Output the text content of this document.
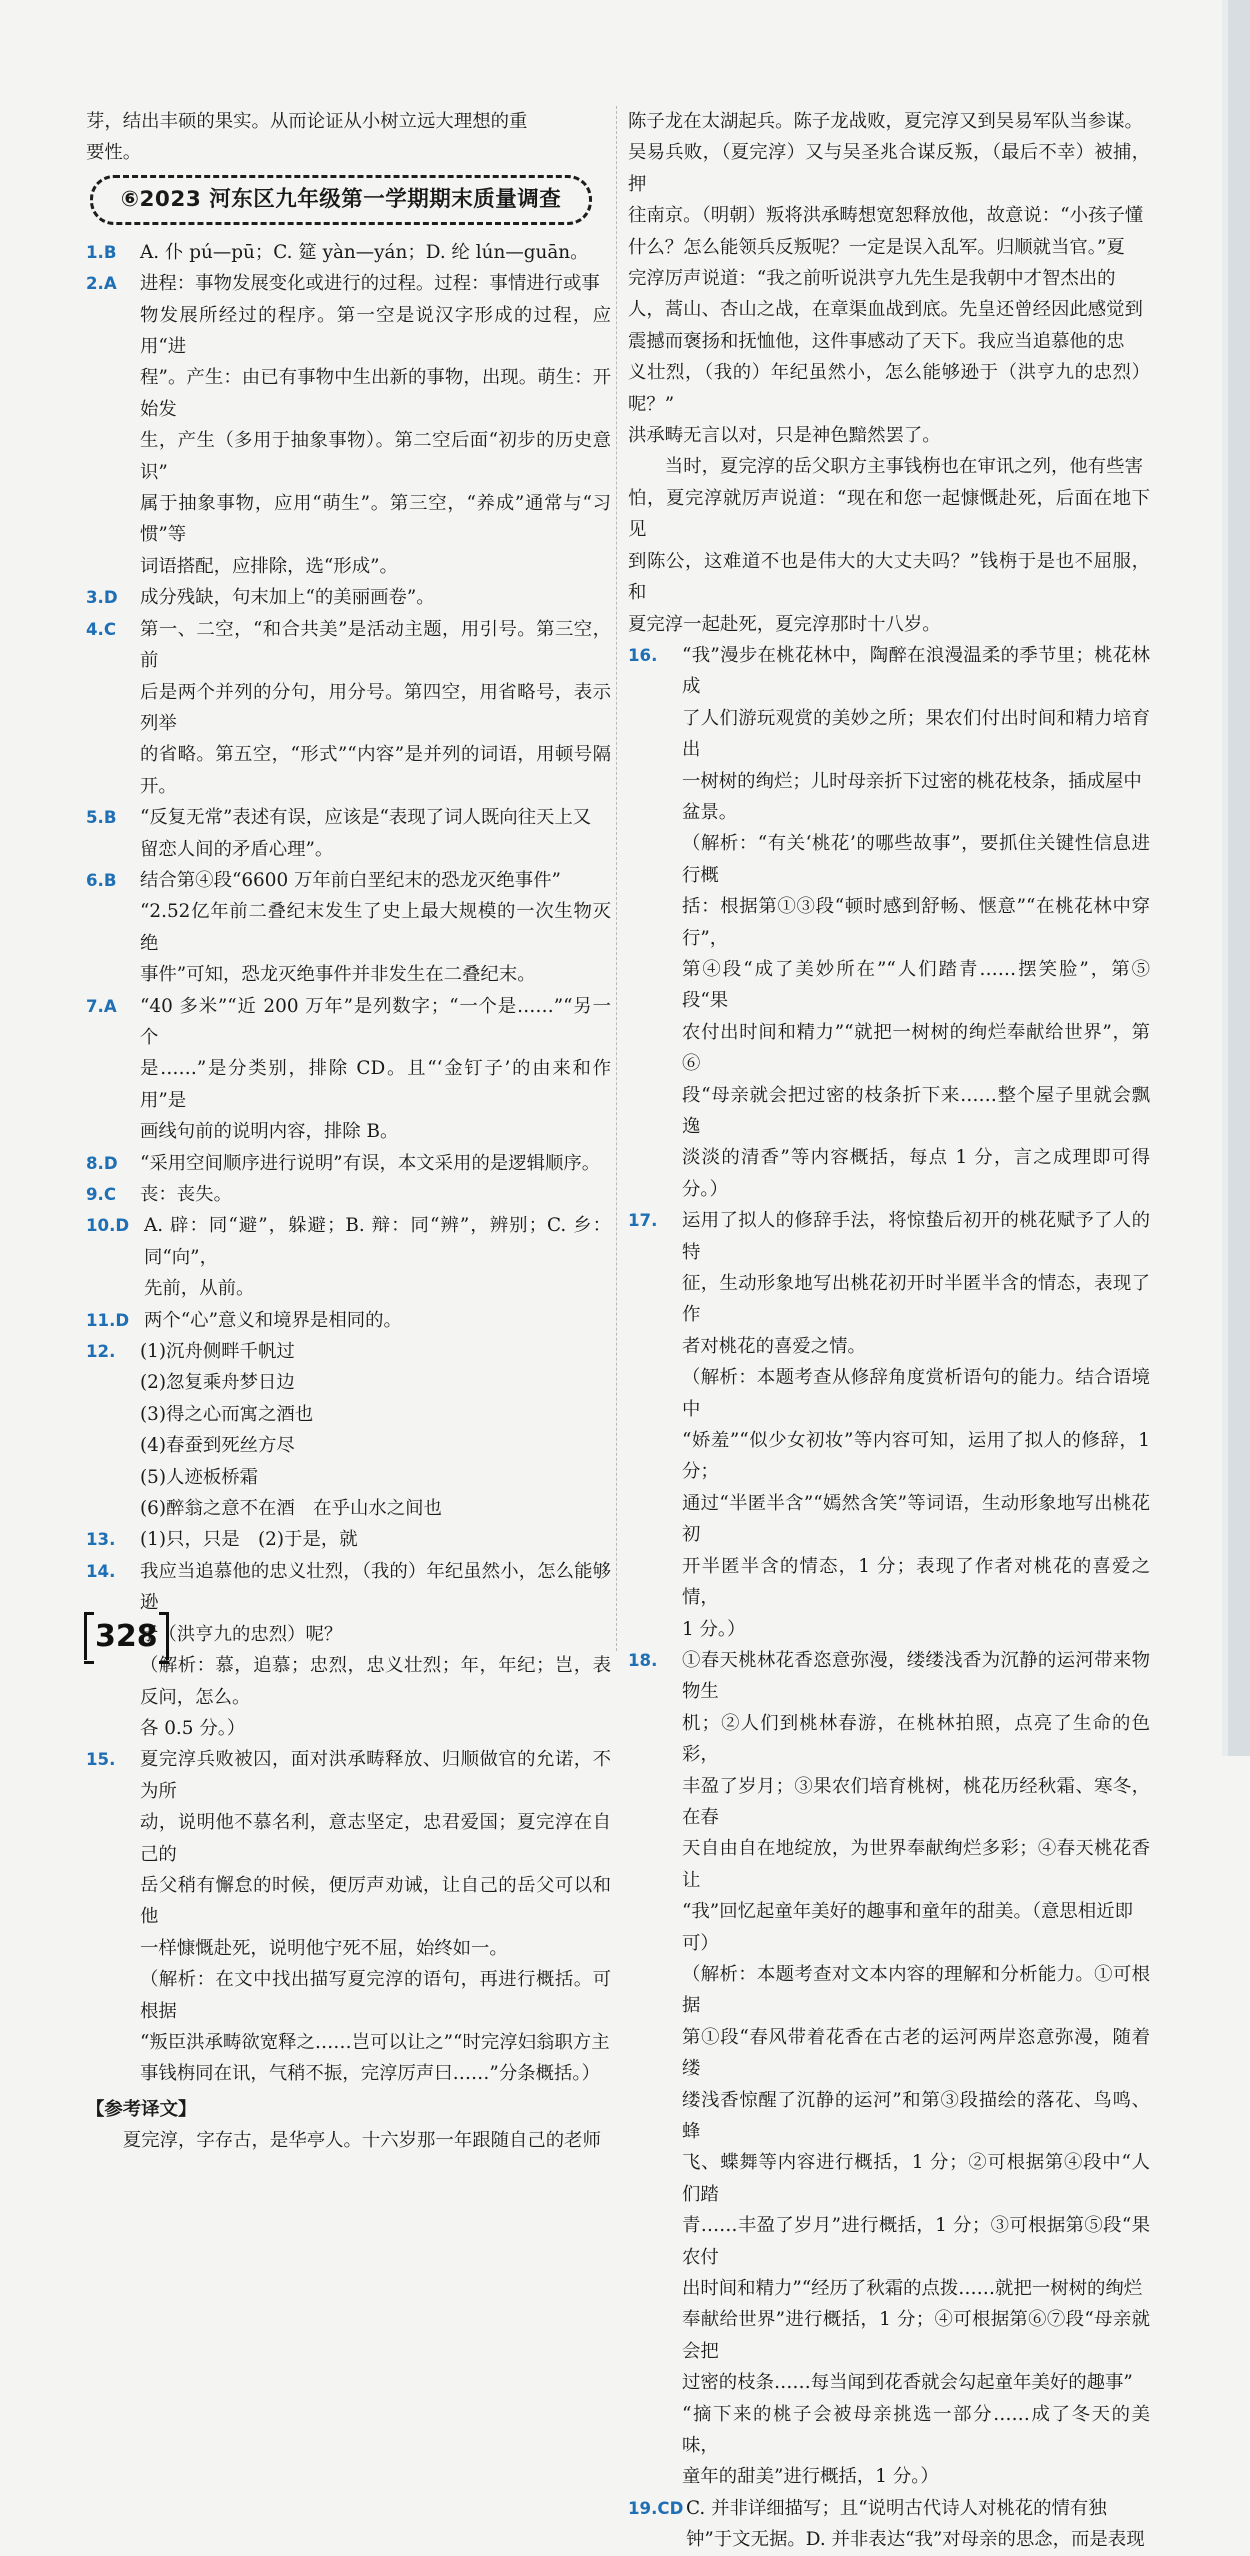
芽，结出丰硕的果实。从而论证从小树立远大理想的重
要性。
⑥2023 河东区九年级第一学期期末质量调查
1.B	A. 仆 pú—pū；C. 筵 yàn—yán；D. 纶 lún—guān。
2.A	进程：事物发展变化或进行的过程。过程：事情进行或事
物发展所经过的程序。第一空是说汉字形成的过程，应用“进
程”。产生：由已有事物中生出新的事物，出现。萌生：开始发
生，产生（多用于抽象事物）。第二空后面“初步的历史意识”
属于抽象事物，应用“萌生”。第三空，“养成”通常与“习惯”等
词语搭配，应排除，选“形成”。
3.D	成分残缺，句末加上“的美丽画卷”。
4.C	第一、二空，“和合共美”是活动主题，用引号。第三空，前
后是两个并列的分句，用分号。第四空，用省略号，表示列举
的省略。第五空，“形式”“内容”是并列的词语，用顿号隔开。
5.B	“反复无常”表述有误，应该是“表现了词人既向往天上又
留恋人间的矛盾心理”。
6.B	结合第④段“6600 万年前白垩纪末的恐龙灭绝事件”
“2.52亿年前二叠纪末发生了史上最大规模的一次生物灭绝
事件”可知，恐龙灭绝事件并非发生在二叠纪末。
7.A	“40 多米”“近 200 万年”是列数字；“一个是……”“另一个
是……”是分类别，排除 CD。且“‘金钉子’的由来和作用”是
画线句前的说明内容，排除 B。
8.D	“采用空间顺序进行说明”有误，本文采用的是逻辑顺序。
9.C	丧：丧失。
10.D A. 辟：同“避”，躲避；B. 辩：同“辨”，辨别；C. 乡：同“向”，
先前，从前。
11.D 两个“心”意义和境界是相同的。
12.	(1)沉舟侧畔千帆过
(2)忽复乘舟梦日边
(3)得之心而寓之酒也
(4)春蚕到死丝方尽
(5)人迹板桥霜
(6)醉翁之意不在酒　在乎山水之间也
13.	(1)只，只是　(2)于是，就
14.	我应当追慕他的忠义壮烈，（我的）年纪虽然小，怎么能够逊
于（洪亨九的忠烈）呢？
（解析：慕，追慕；忠烈，忠义壮烈；年，年纪；岂，表反问，怎么。
各 0.5 分。）
15.	夏完淳兵败被囚，面对洪承畴释放、归顺做官的允诺，不为所
动，说明他不慕名利，意志坚定，忠君爱国；夏完淳在自己的
岳父稍有懈怠的时候，便厉声劝诫，让自己的岳父可以和他
一样慷慨赴死，说明他宁死不屈，始终如一。
（解析：在文中找出描写夏完淳的语句，再进行概括。可根据
“叛臣洪承畴欲宽释之……岂可以让之”“时完淳妇翁职方主
事钱栴同在讯，气稍不振，完淳厉声曰……”分条概括。）
【参考译文】
夏完淳，字存古，是华亭人。十六岁那一年跟随自己的老师
陈子龙在太湖起兵。陈子龙战败，夏完淳又到吴易军队当参谋。
吴易兵败，（夏完淳）又与吴圣兆合谋反叛，（最后不幸）被捕，押
往南京。（明朝）叛将洪承畴想宽恕释放他，故意说：“小孩子懂
什么？怎么能领兵反叛呢？一定是误入乱军。归顺就当官。”夏
完淳厉声说道：“我之前听说洪亨九先生是我朝中才智杰出的
人，蒿山、杏山之战，在章渠血战到底。先皇还曾经因此感觉到
震撼而褒扬和抚恤他，这件事感动了天下。我应当追慕他的忠
义壮烈，（我的）年纪虽然小，怎么能够逊于（洪亨九的忠烈）呢？”
洪承畴无言以对，只是神色黯然罢了。
当时，夏完淳的岳父职方主事钱栴也在审讯之列，他有些害
怕，夏完淳就厉声说道：“现在和您一起慷慨赴死，后面在地下见
到陈公，这难道不也是伟大的大丈夫吗？”钱栴于是也不屈服，和
夏完淳一起赴死，夏完淳那时十八岁。
16.	“我”漫步在桃花林中，陶醉在浪漫温柔的季节里；桃花林成
了人们游玩观赏的美妙之所；果农们付出时间和精力培育出
一树树的绚烂；儿时母亲折下过密的桃花枝条，插成屋中
盆景。
（解析：“有关‘桃花’的哪些故事”，要抓住关键性信息进行概
括：根据第①③段“顿时感到舒畅、惬意”“在桃花林中穿行”，
第④段“成了美妙所在”“人们踏青……摆笑脸”，第⑤段“果
农付出时间和精力”“就把一树树的绚烂奉献给世界”，第⑥
段“母亲就会把过密的枝条折下来……整个屋子里就会飘逸
淡淡的清香”等内容概括，每点 1 分，言之成理即可得分。）
17.	运用了拟人的修辞手法，将惊蛰后初开的桃花赋予了人的特
征，生动形象地写出桃花初开时半匿半含的情态，表现了作
者对桃花的喜爱之情。
（解析：本题考查从修辞角度赏析语句的能力。结合语境中
“娇羞”“似少女初妆”等内容可知，运用了拟人的修辞，1 分；
通过“半匿半含”“嫣然含笑”等词语，生动形象地写出桃花初
开半匿半含的情态，1 分；表现了作者对桃花的喜爱之情，
1 分。）
18.	①春天桃林花香恣意弥漫，缕缕浅香为沉静的运河带来物物生
机；②人们到桃林春游，在桃林拍照，点亮了生命的色彩，
丰盈了岁月；③果农们培育桃树，桃花历经秋霜、寒冬，在春
天自由自在地绽放，为世界奉献绚烂多彩；④春天桃花香让
“我”回忆起童年美好的趣事和童年的甜美。（意思相近即
可）
（解析：本题考查对文本内容的理解和分析能力。①可根据
第①段“春风带着花香在古老的运河两岸恣意弥漫，随着缕
缕浅香惊醒了沉静的运河”和第③段描绘的落花、鸟鸣、蜂
飞、蝶舞等内容进行概括，1 分；②可根据第④段中“人们踏
青……丰盈了岁月”进行概括，1 分；③可根据第⑤段“果农付
出时间和精力”“经历了秋霜的点拨……就把一树树的绚烂
奉献给世界”进行概括，1 分；④可根据第⑥⑦段“母亲就会把
过密的枝条……每当闻到花香就会勾起童年美好的趣事”
“摘下来的桃子会被母亲挑选一部分……成了冬天的美味，
童年的甜美”进行概括，1 分。）
19.CD C. 并非详细描写；且“说明古代诗人对桃花的情有独
钟”于文无据。D. 并非表达“我”对母亲的思念，而是表现
328
